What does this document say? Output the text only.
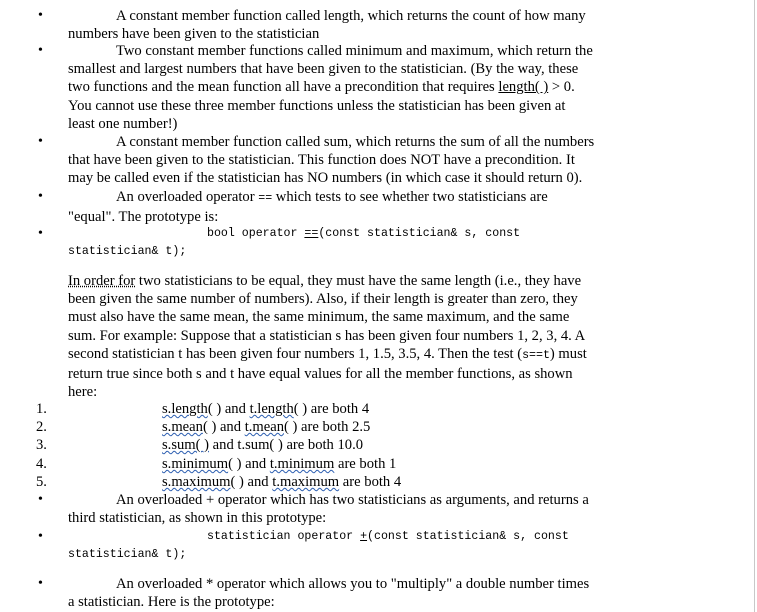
•	A constant member function called length, which returns the count of how many
numbers have been given to the statistician
•	Two constant member functions called minimum and maximum, which return the
smallest and largest numbers that have been given to the statistician. (By the way, these
two functions and the mean function all have a precondition that requires length( ) > 0.
You cannot use these three member functions unless the statistician has been given at
least one number!)
•	A constant member function called sum, which returns the sum of all the numbers
that have been given to the statistician. This function does NOT have a precondition. It
may be called even if the statistician has NO numbers (in which case it should return 0).
•	An overloaded operator == which tests to see whether two statisticians are
"equal". The prototype is:
•	bool operator ==(const statistician& s, const
statistician& t);
In order for two statisticians to be equal, they must have the same length (i.e., they have
been given the same number of numbers). Also, if their length is greater than zero, they
must also have the same mean, the same minimum, the same maximum, and the same
sum. For example: Suppose that a statistician s has been given four numbers 1, 2, 3, 4. A
second statistician t has been given four numbers 1, 1.5, 3.5, 4. Then the test (s==t) must
return true since both s and t have equal values for all the member functions, as shown
here:
1.	s.length( ) and t.length( ) are both 4
2.	s.mean( ) and t.mean( ) are both 2.5
3.	s.sum( ) and t.sum( ) are both 10.0
4.	s.minimum( ) and t.minimum are both 1
5.	s.maximum( ) and t.maximum are both 4
•	An overloaded + operator which has two statisticians as arguments, and returns a
third statistician, as shown in this prototype:
•	statistician operator +(const statistician& s, const
statistician& t);
•	An overloaded * operator which allows you to "multiply" a double number times
a statistician. Here is the prototype:
